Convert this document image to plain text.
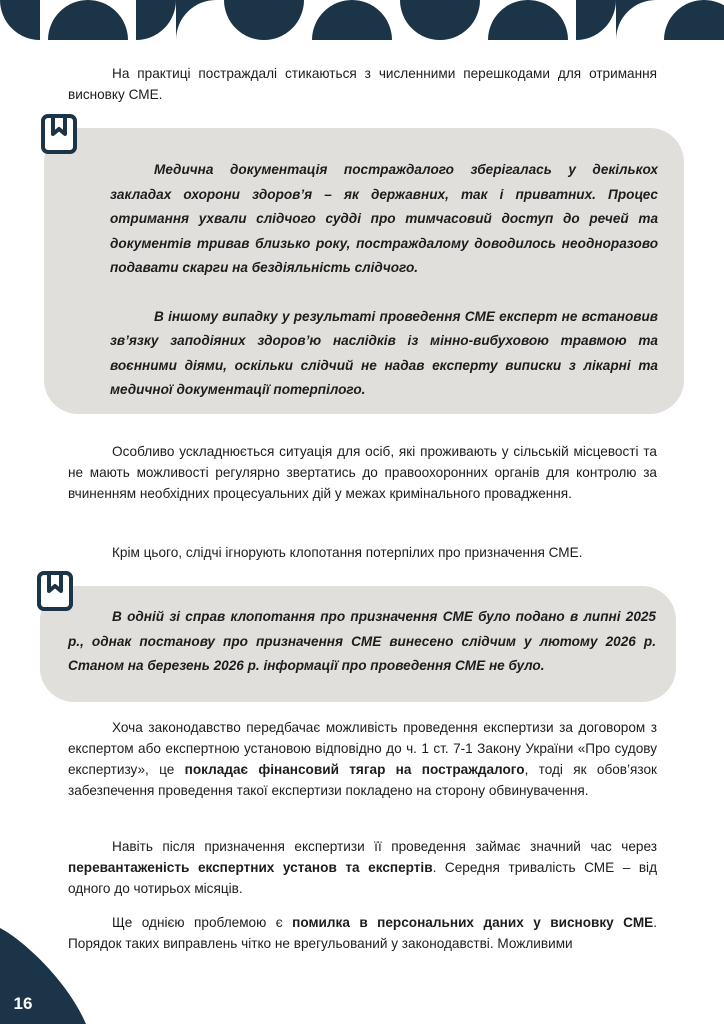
На практиці постраждалі стикаються з численними перешкодами для отримання висновку СМЕ.

Медична документація постраждалого зберігалась у декількох закладах охорони здоров’я – як державних, так і приватних. Процес отримання ухвали слідчого судді про тимчасовий доступ до речей та документів тривав близько року, постраждалому доводилось неодноразово подавати скарги на бездіяльність слідчого.

В іншому випадку у результаті проведення СМЕ експерт не встановив зв’язку заподіяних здоров’ю наслідків із мінно-вибуховою травмою та воєнними діями, оскільки слідчий не надав експерту виписки з лікарні та медичної документації потерпілого.

Особливо ускладнюється ситуація для осіб, які проживають у сільській місцевості та не мають можливості регулярно звертатись до правоохоронних органів для контролю за вчиненням необхідних процесуальних дій у межах кримінального провадження.

Крім цього, слідчі ігнорують клопотання потерпілих про призначення СМЕ.

В одній зі справ клопотання про призначення СМЕ було подано в липні 2025 р., однак постанову про призначення СМЕ винесено слідчим у лютому 2026 р. Станом на березень 2026 р. інформації про проведення СМЕ не було.

Хоча законодавство передбачає можливість проведення експертизи за договором з експертом або експертною установою відповідно до ч. 1 ст. 7-1 Закону України «Про судову експертизу», це покладає фінансовий тягар на постраждалого, тоді як обов’язок забезпечення проведення такої експертизи покладено на сторону обвинувачення.

Навіть після призначення експертизи її проведення займає значний час через перевантаженість експертних установ та експертів. Середня тривалість СМЕ – від одного до чотирьох місяців.

Ще однією проблемою є помилка в персональних даних у висновку СМЕ. Порядок таких виправлень чітко не врегульований у законодавстві. Можливими

16
